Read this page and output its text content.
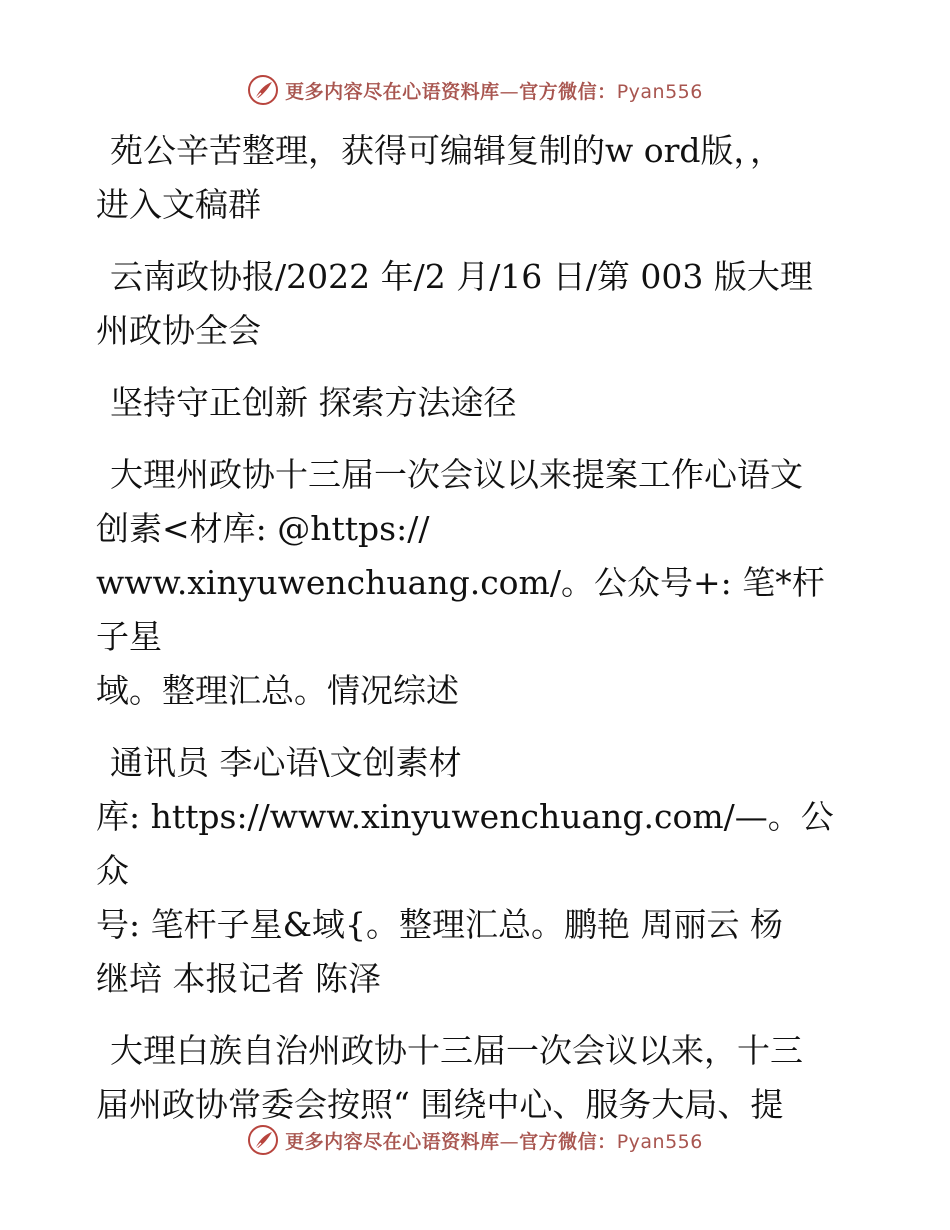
更多内容尽在心语资料库—官方微信：Pyan556

苑公辛苦整理，获得可编辑复制的w ord版，，
进入文稿群

云南政协报/2022 年/2 月/16 日/第 003 版大理
州政协全会

坚持守正创新 探索方法途径

大理州政协十三届一次会议以来提案工作心语文
创素<材库: @https://
www.xinyuwenchuang.com/。公众号+: 笔*杆子星
域。整理汇总。情况综述

通讯员 李心语\文创素材
库: https://www.xinyuwenchuang.com/—。公众
号: 笔杆子星&域{。整理汇总。鹏艳 周丽云 杨
继培 本报记者 陈泽

大理白族自治州政协十三届一次会议以来，十三
届州政协常委会按照“ 围绕中心、服务大局、提

更多内容尽在心语资料库—官方微信：Pyan556
